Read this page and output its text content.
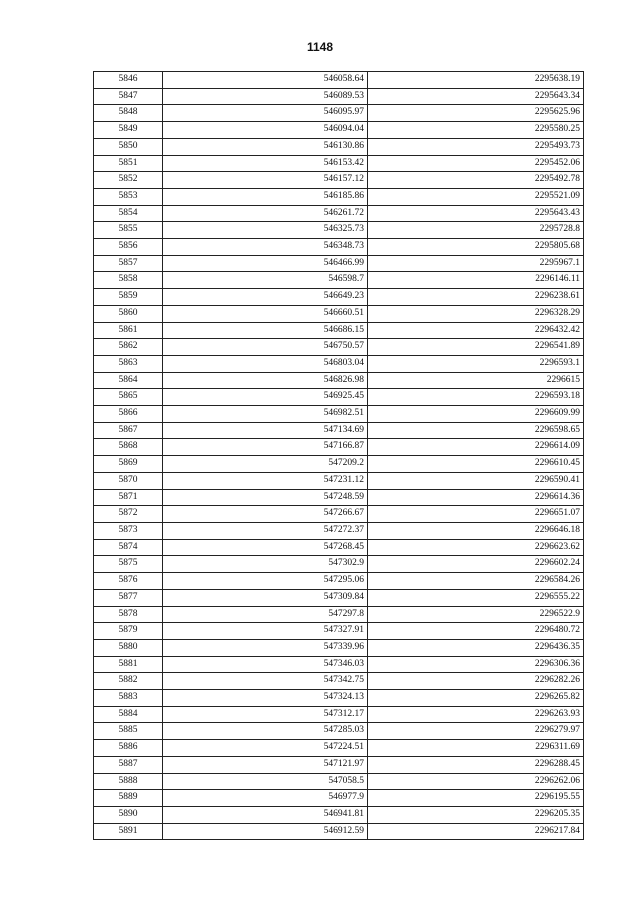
1148
5846	546058.64	2295638.19
5847	546089.53	2295643.34
5848	546095.97	2295625.96
5849	546094.04	2295580.25
5850	546130.86	2295493.73
5851	546153.42	2295452.06
5852	546157.12	2295492.78
5853	546185.86	2295521.09
5854	546261.72	2295643.43
5855	546325.73	2295728.8
5856	546348.73	2295805.68
5857	546466.99	2295967.1
5858	546598.7	2296146.11
5859	546649.23	2296238.61
5860	546660.51	2296328.29
5861	546686.15	2296432.42
5862	546750.57	2296541.89
5863	546803.04	2296593.1
5864	546826.98	2296615
5865	546925.45	2296593.18
5866	546982.51	2296609.99
5867	547134.69	2296598.65
5868	547166.87	2296614.09
5869	547209.2	2296610.45
5870	547231.12	2296590.41
5871	547248.59	2296614.36
5872	547266.67	2296651.07
5873	547272.37	2296646.18
5874	547268.45	2296623.62
5875	547302.9	2296602.24
5876	547295.06	2296584.26
5877	547309.84	2296555.22
5878	547297.8	2296522.9
5879	547327.91	2296480.72
5880	547339.96	2296436.35
5881	547346.03	2296306.36
5882	547342.75	2296282.26
5883	547324.13	2296265.82
5884	547312.17	2296263.93
5885	547285.03	2296279.97
5886	547224.51	2296311.69
5887	547121.97	2296288.45
5888	547058.5	2296262.06
5889	546977.9	2296195.55
5890	546941.81	2296205.35
5891	546912.59	2296217.84
